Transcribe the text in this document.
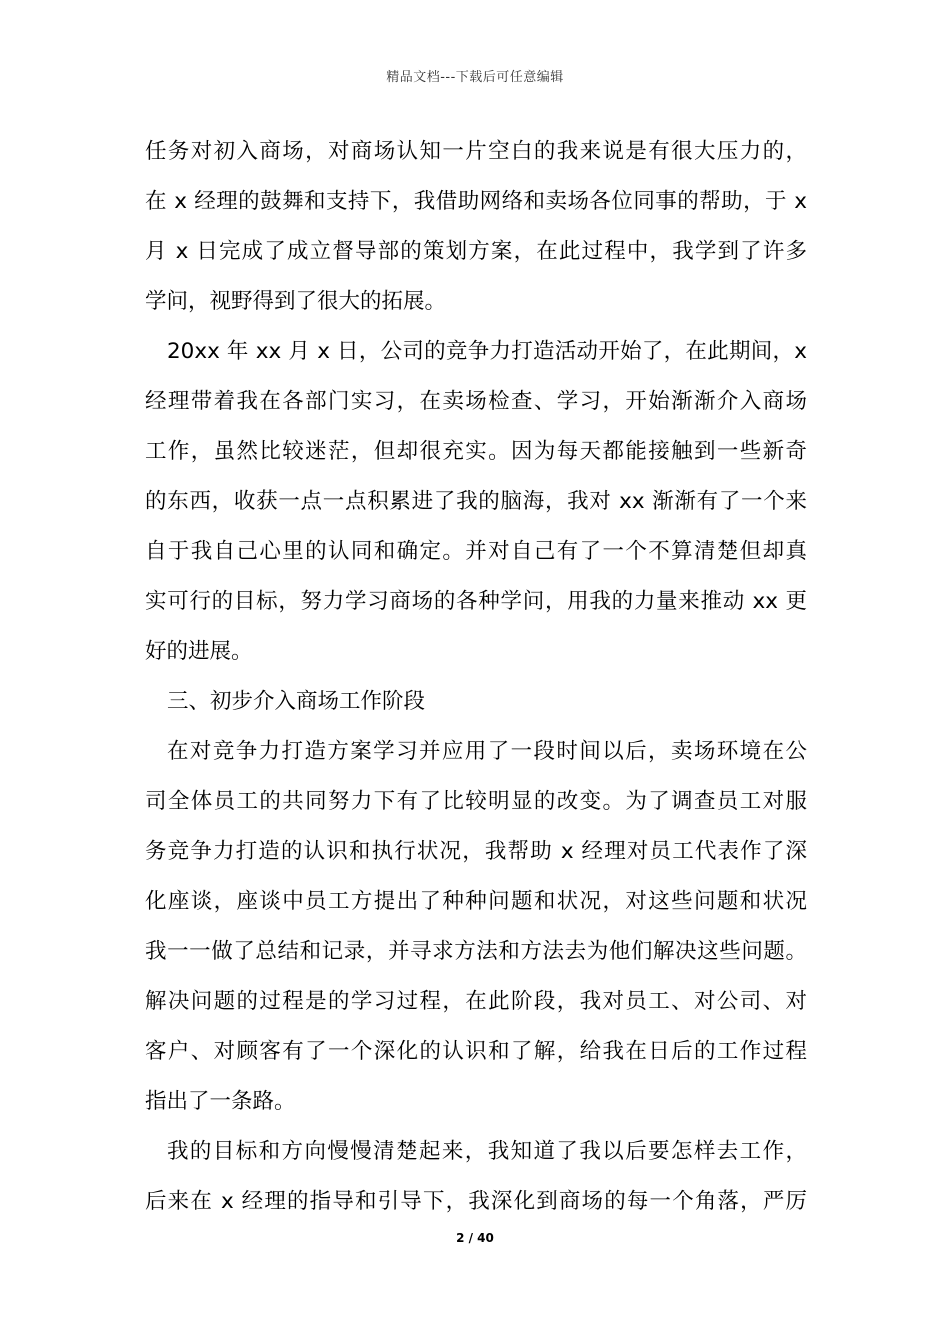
精品文档---下载后可任意编辑
任务对初入商场，对商场认知一片空白的我来说是有很大压力的，
在 x 经理的鼓舞和支持下，我借助网络和卖场各位同事的帮助，于 x
月 x 日完成了成立督导部的策划方案，在此过程中，我学到了许多
学问，视野得到了很大的拓展。
20xx 年 xx 月 x 日，公司的竞争力打造活动开始了，在此期间，x
经理带着我在各部门实习，在卖场检查、学习，开始渐渐介入商场
工作，虽然比较迷茫，但却很充实。因为每天都能接触到一些新奇
的东西，收获一点一点积累进了我的脑海，我对 xx 渐渐有了一个来
自于我自己心里的认同和确定。并对自己有了一个不算清楚但却真
实可行的目标，努力学习商场的各种学问，用我的力量来推动 xx 更
好的进展。
三、初步介入商场工作阶段
在对竞争力打造方案学习并应用了一段时间以后，卖场环境在公
司全体员工的共同努力下有了比较明显的改变。为了调查员工对服
务竞争力打造的认识和执行状况，我帮助 x 经理对员工代表作了深
化座谈，座谈中员工方提出了种种问题和状况，对这些问题和状况
我一一做了总结和记录，并寻求方法和方法去为他们解决这些问题。
解决问题的过程是的学习过程，在此阶段，我对员工、对公司、对
客户、对顾客有了一个深化的认识和了解，给我在日后的工作过程
指出了一条路。
我的目标和方向慢慢清楚起来，我知道了我以后要怎样去工作，
后来在 x 经理的指导和引导下，我深化到商场的每一个角落，严厉
2 / 40
